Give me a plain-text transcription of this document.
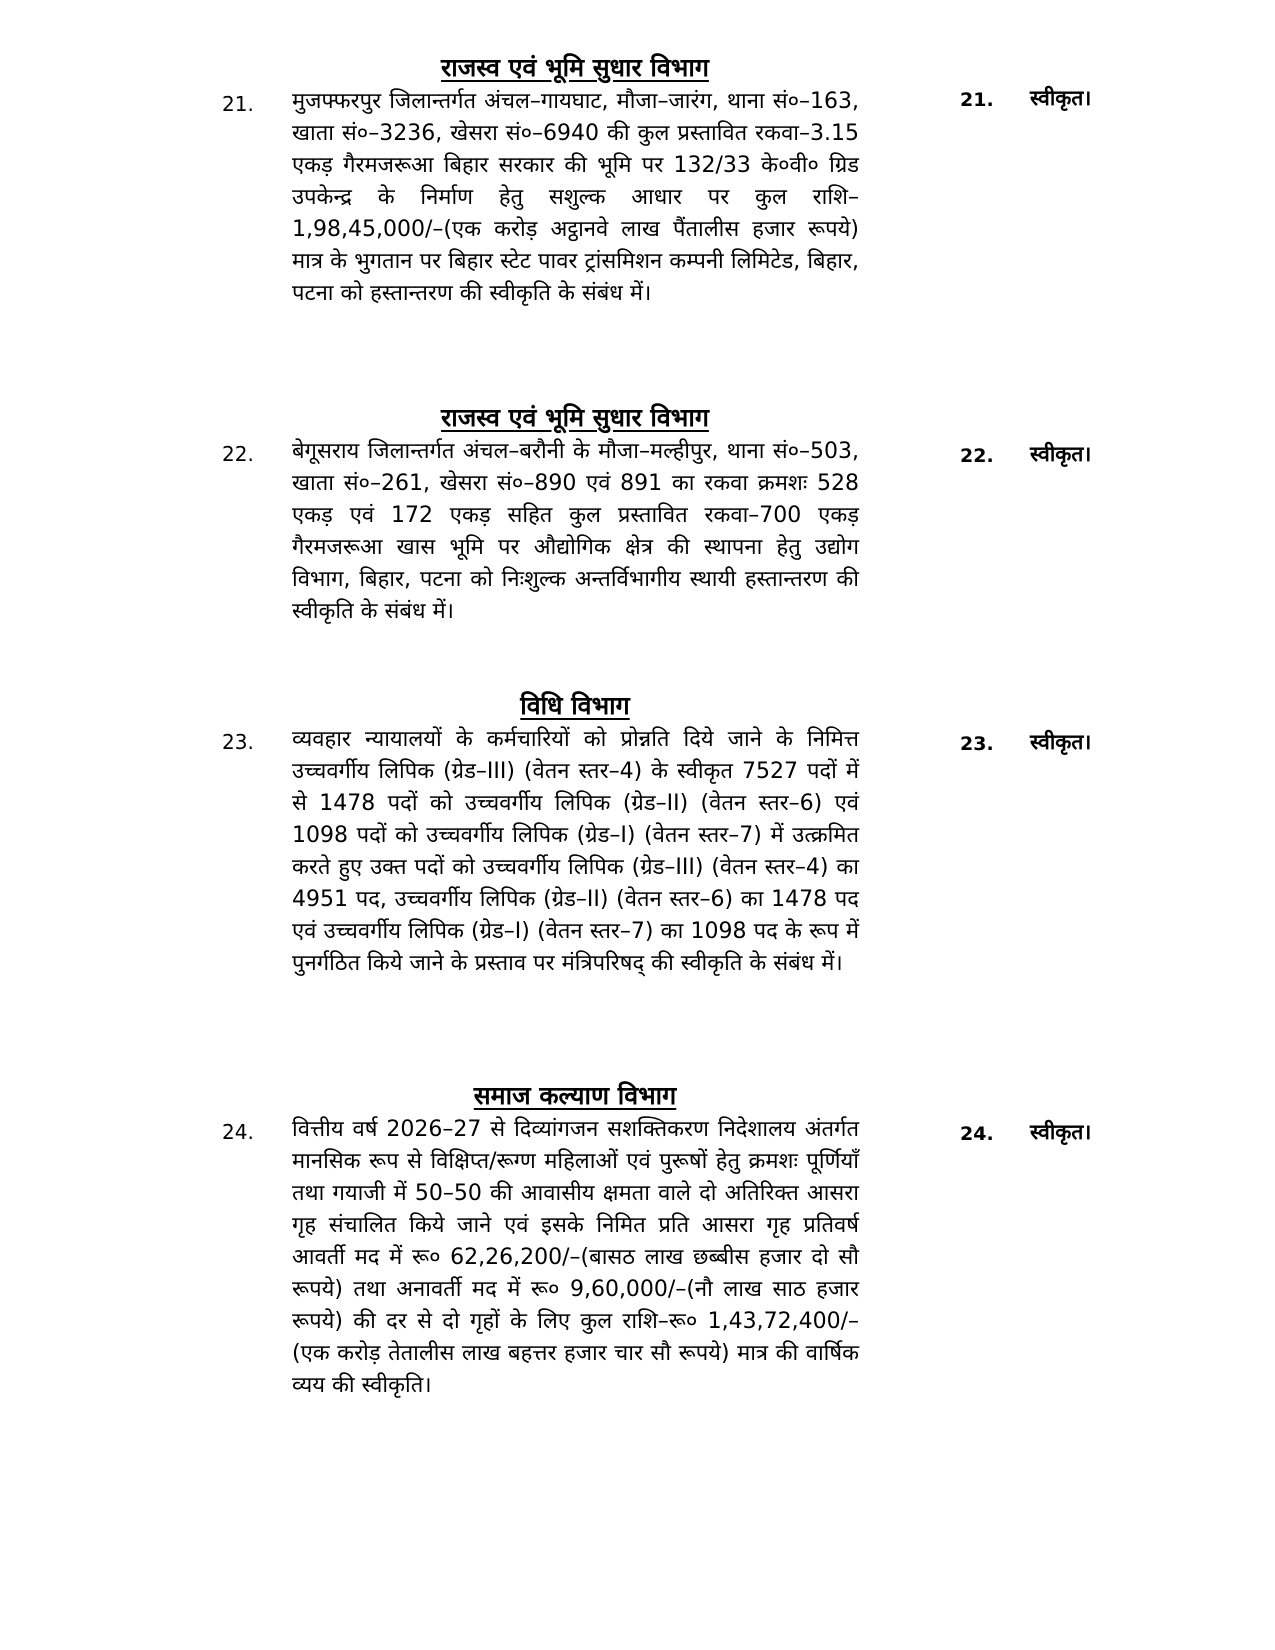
राजस्व एवं भूमि सुधार विभाग
21. मुजफ्फरपुर जिलान्तर्गत अंचल–गायघाट, मौजा–जारंग, थाना सं०–163, खाता सं०–3236, खेसरा सं०–6940 की कुल प्रस्तावित रकवा–3.15 एकड़ गैरमजरूआ बिहार सरकार की भूमि पर 132/33 के०वी० ग्रिड उपकेन्द्र के निर्माण हेतु सशुल्क आधार पर कुल राशि– 1,98,45,000/–(एक करोड़ अट्ठानवे लाख पैंतालीस हजार रूपये) मात्र के भुगतान पर बिहार स्टेट पावर ट्रांसमिशन कम्पनी लिमिटेड, बिहार, पटना को हस्तान्तरण की स्वीकृति के संबंध में।
21. स्वीकृत।
राजस्व एवं भूमि सुधार विभाग
22. बेगूसराय जिलान्तर्गत अंचल–बरौनी के मौजा–मल्हीपुर, थाना सं०–503, खाता सं०–261, खेसरा सं०–890 एवं 891 का रकवा क्रमशः 528 एकड़ एवं 172 एकड़ सहित कुल प्रस्तावित रकवा–700 एकड़ गैरमजरूआ खास भूमि पर औद्योगिक क्षेत्र की स्थापना हेतु उद्योग विभाग, बिहार, पटना को निःशुल्क अन्तर्विभागीय स्थायी हस्तान्तरण की स्वीकृति के संबंध में।
22. स्वीकृत।
विधि विभाग
23. व्यवहार न्यायालयों के कर्मचारियों को प्रोन्नति दिये जाने के निमित्त उच्चवर्गीय लिपिक (ग्रेड–III) (वेतन स्तर–4) के स्वीकृत 7527 पदों में से 1478 पदों को उच्चवर्गीय लिपिक (ग्रेड–II) (वेतन स्तर–6) एवं 1098 पदों को उच्चवर्गीय लिपिक (ग्रेड–I) (वेतन स्तर–7) में उत्क्रमित करते हुए उक्त पदों को उच्चवर्गीय लिपिक (ग्रेड–III) (वेतन स्तर–4) का 4951 पद, उच्चवर्गीय लिपिक (ग्रेड–II) (वेतन स्तर–6) का 1478 पद एवं उच्चवर्गीय लिपिक (ग्रेड–I) (वेतन स्तर–7) का 1098 पद के रूप में पुनर्गठित किये जाने के प्रस्ताव पर मंत्रिपरिषद् की स्वीकृति के संबंध में।
23. स्वीकृत।
समाज कल्याण विभाग
24. वित्तीय वर्ष 2026–27 से दिव्यांगजन सशक्तिकरण निदेशालय अंतर्गत मानसिक रूप से विक्षिप्त/रूग्ण महिलाओं एवं पुरूषों हेतु क्रमशः पूर्णियाँ तथा गयाजी में 50–50 की आवासीय क्षमता वाले दो अतिरिक्त आसरा गृह संचालित किये जाने एवं इसके निमित प्रति आसरा गृह प्रतिवर्ष आवर्ती मद में रू० 62,26,200/–(बासठ लाख छब्बीस हजार दो सौ रूपये) तथा अनावर्ती मद में रू० 9,60,000/–(नौ लाख साठ हजार रूपये) की दर से दो गृहों के लिए कुल राशि–रू० 1,43,72,400/–(एक करोड़ तेतालीस लाख बहत्तर हजार चार सौ रूपये) मात्र की वार्षिक व्यय की स्वीकृति।
24. स्वीकृत।
